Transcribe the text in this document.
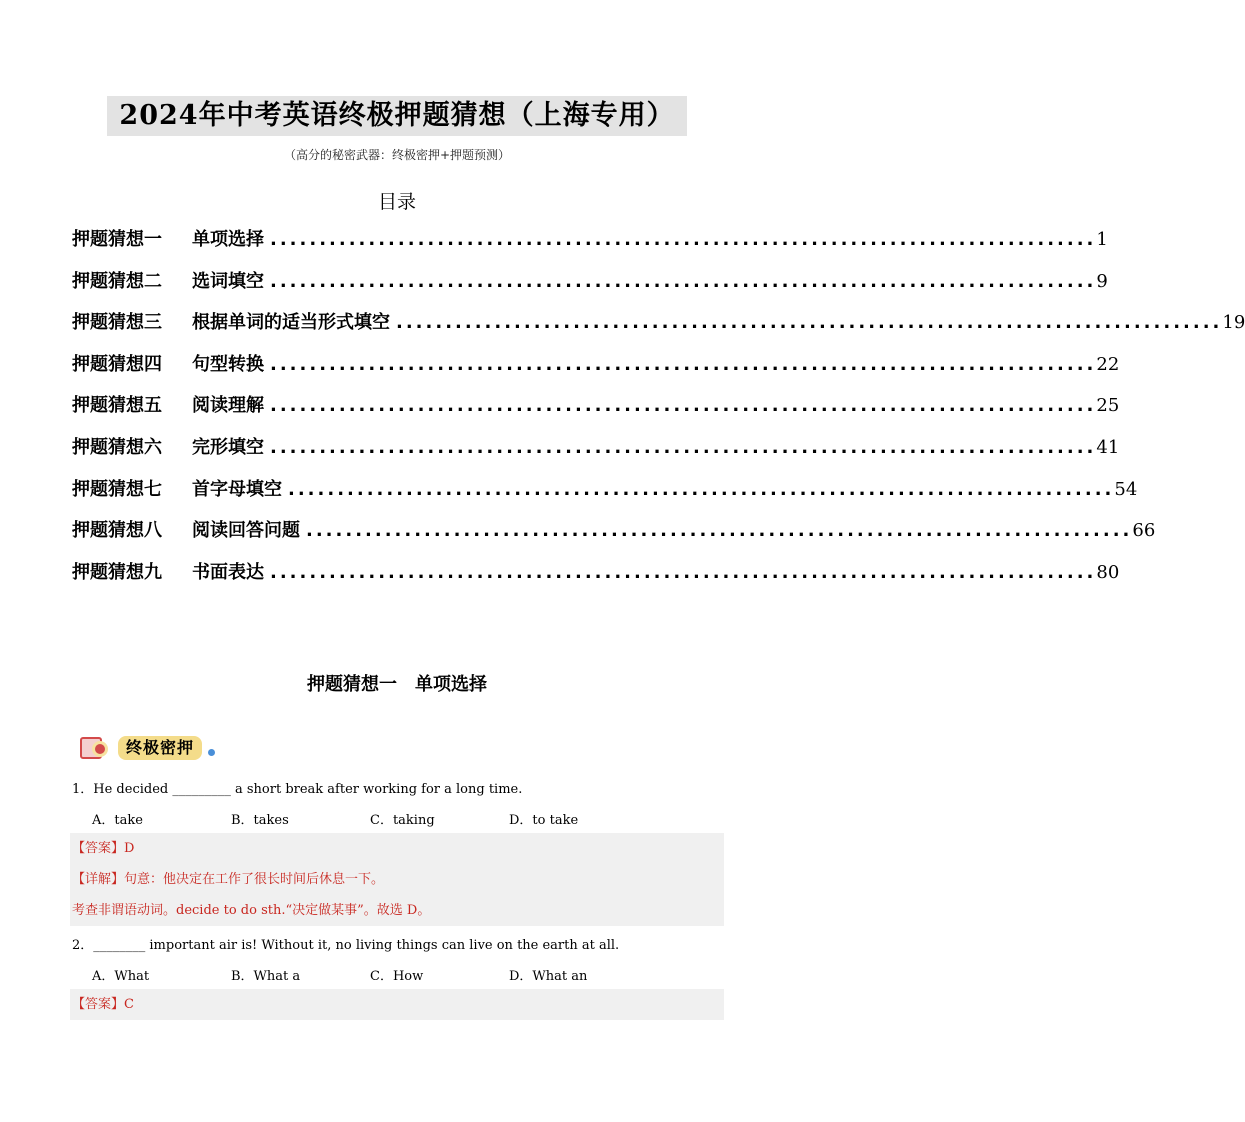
2024年中考英语终极押题猜想（上海专用）
（高分的秘密武器：终极密押+押题预测）
目录
押题猜想一	单项选择 .................................................................................... 1
押题猜想二	选词填空 .................................................................................... 9
押题猜想三	根据单词的适当形式填空 .................................................................................... 19
押题猜想四	句型转换 .................................................................................... 22
押题猜想五	阅读理解 .................................................................................... 25
押题猜想六	完形填空 .................................................................................... 41
押题猜想七	首字母填空 .................................................................................... 54
押题猜想八	阅读回答问题 .................................................................................... 66
押题猜想九	书面表达 .................................................................................... 80
押题猜想一　单项选择
终极密押
1．He decided _________ a short break after working for a long time.
A．take	B．takes	C．taking	D．to take
【答案】D
【详解】句意：他决定在工作了很长时间后休息一下。
考查非谓语动词。decide to do sth.“决定做某事”。故选 D。
2．________ important air is! Without it, no living things can live on the earth at all.
A．What	B．What a	C．How	D．What an
【答案】C
